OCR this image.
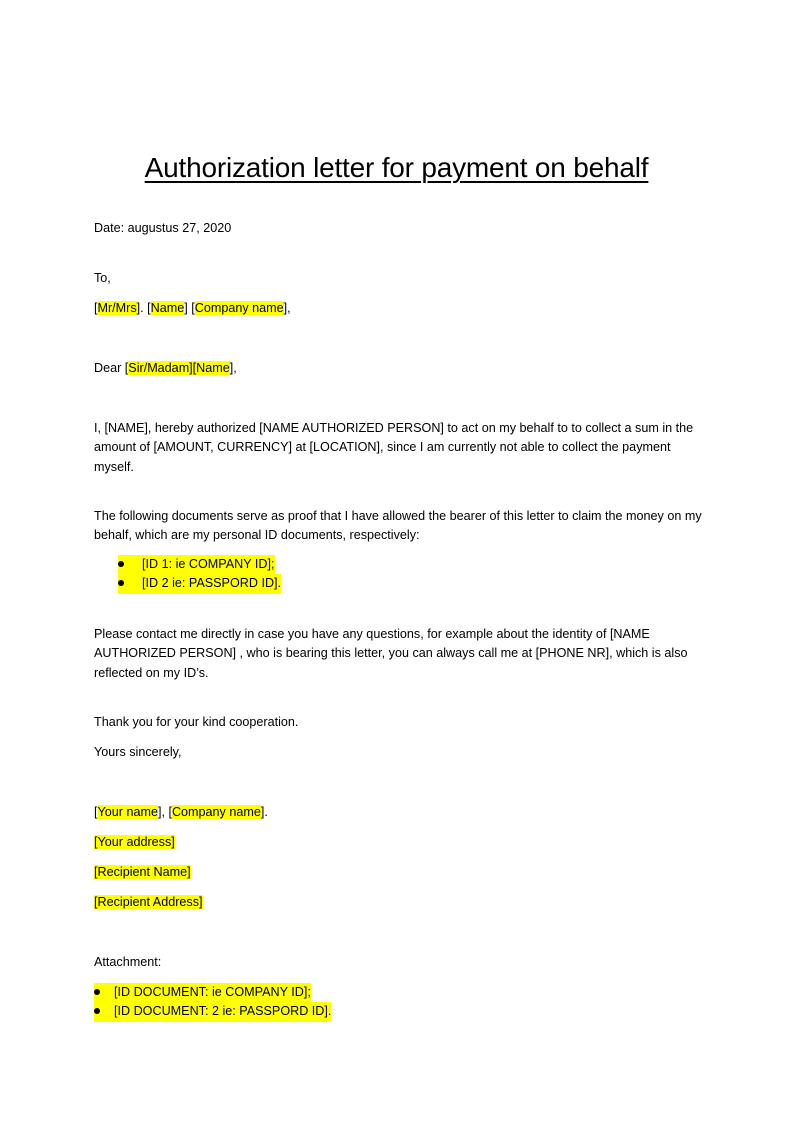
Authorization letter for payment on behalf
Date: augustus 27, 2020
To,
[Mr/Mrs]. [Name] [Company name],
Dear [Sir/Madam][Name],
I, [NAME], hereby authorized [NAME AUTHORIZED PERSON] to act on my behalf to to collect a sum in the amount of [AMOUNT, CURRENCY] at [LOCATION], since I am currently not able to collect the payment myself.
The following documents serve as proof that I have allowed the bearer of this letter to claim the money on my behalf, which are my personal ID documents, respectively:
[ID 1: ie COMPANY ID];
[ID 2 ie: PASSPORD ID].
Please contact me directly in case you have any questions, for example about the identity of [NAME AUTHORIZED PERSON] , who is bearing this letter, you can always call me at [PHONE NR], which is also reflected on my ID’s.
Thank you for your kind cooperation.
Yours sincerely,
[Your name], [Company name].
[Your address]
[Recipient Name]
[Recipient Address]
Attachment:
[ID DOCUMENT: ie COMPANY ID];
[ID DOCUMENT: 2 ie: PASSPORD ID].
